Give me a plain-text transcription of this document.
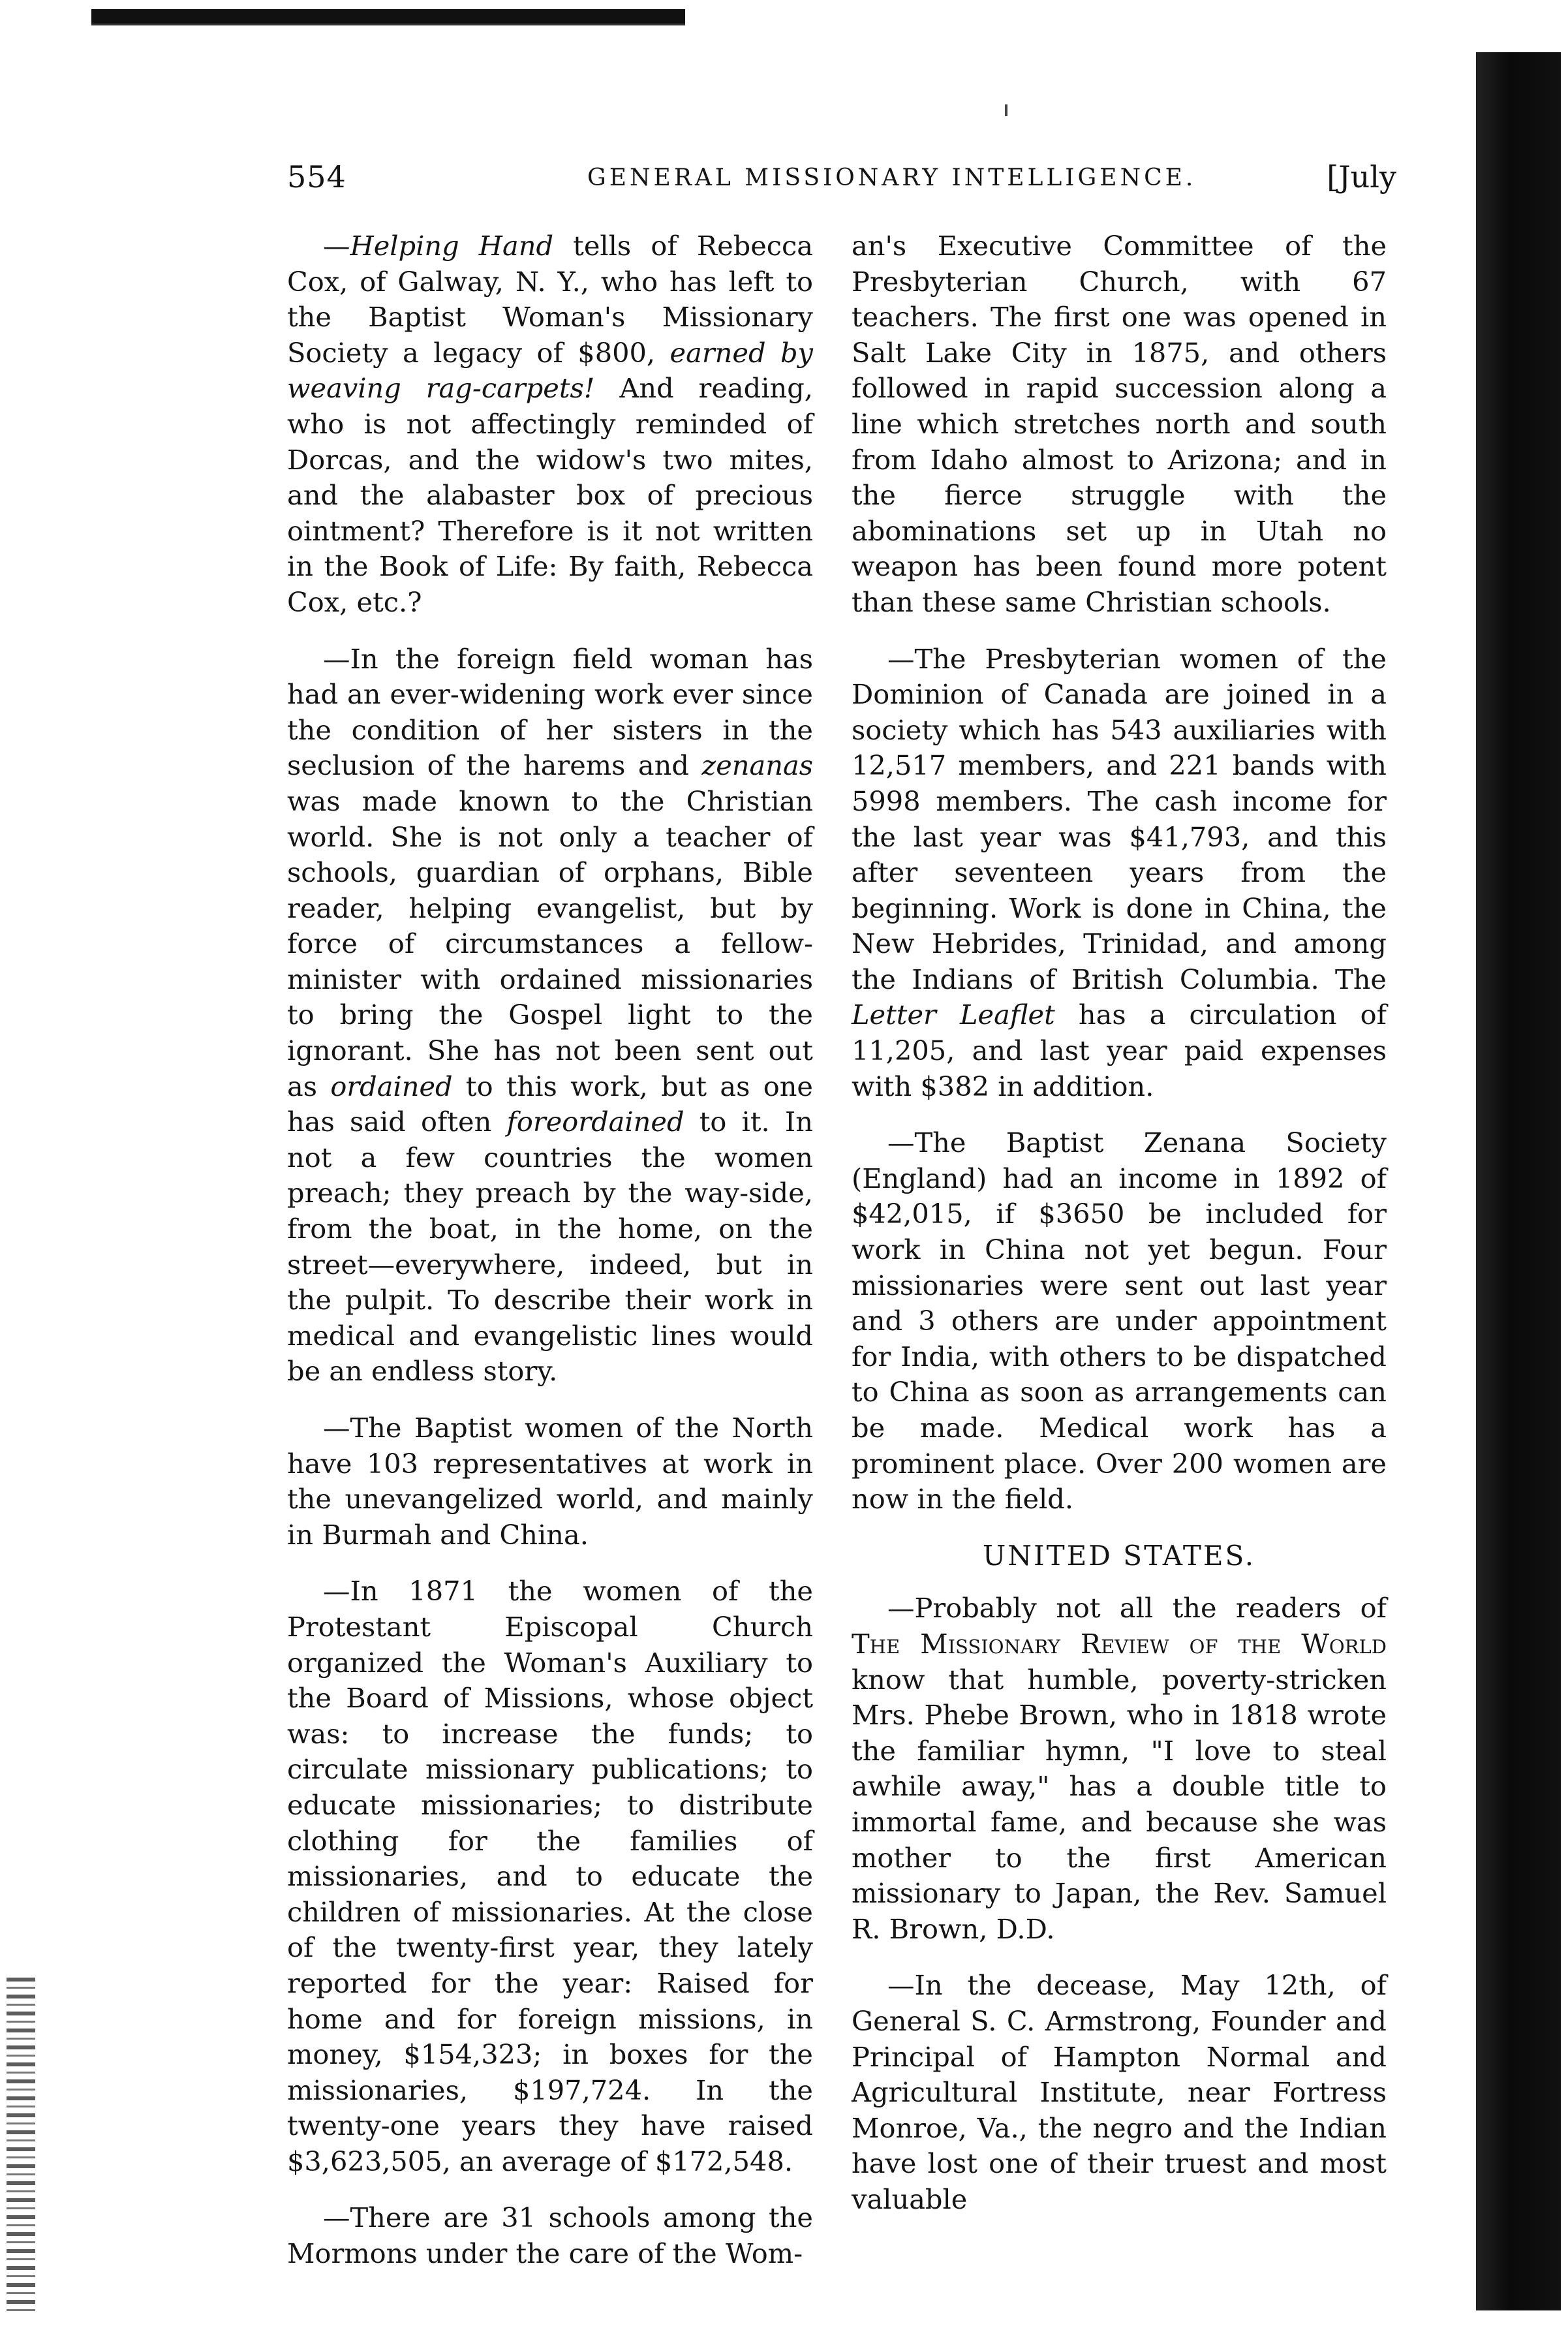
554	GENERAL MISSIONARY INTELLIGENCE.	[July

—Helping Hand tells of Rebecca Cox, of Galway, N. Y., who has left to the Baptist Woman's Missionary Society a legacy of $800, earned by weaving rag-carpets! And reading, who is not affectingly reminded of Dorcas, and the widow's two mites, and the alabaster box of precious ointment? Therefore is it not written in the Book of Life: By faith, Rebecca Cox, etc.?

—In the foreign field woman has had an ever-widening work ever since the condition of her sisters in the seclusion of the harems and zenanas was made known to the Christian world. She is not only a teacher of schools, guardian of orphans, Bible reader, helping evangelist, but by force of circumstances a fellow-minister with ordained missionaries to bring the Gospel light to the ignorant. She has not been sent out as ordained to this work, but as one has said often foreordained to it. In not a few countries the women preach; they preach by the way-side, from the boat, in the home, on the street—everywhere, indeed, but in the pulpit. To describe their work in medical and evangelistic lines would be an endless story.

—The Baptist women of the North have 103 representatives at work in the unevangelized world, and mainly in Burmah and China.

—In 1871 the women of the Protestant Episcopal Church organized the Woman's Auxiliary to the Board of Missions, whose object was: to increase the funds; to circulate missionary publications; to educate missionaries; to distribute clothing for the families of missionaries, and to educate the children of missionaries. At the close of the twenty-first year, they lately reported for the year: Raised for home and for foreign missions, in money, $154,323; in boxes for the missionaries, $197,724. In the twenty-one years they have raised $3,623,505, an average of $172,548.

—There are 31 schools among the Mormons under the care of the Wom-

an's Executive Committee of the Presbyterian Church, with 67 teachers. The first one was opened in Salt Lake City in 1875, and others followed in rapid succession along a line which stretches north and south from Idaho almost to Arizona; and in the fierce struggle with the abominations set up in Utah no weapon has been found more potent than these same Christian schools.

—The Presbyterian women of the Dominion of Canada are joined in a society which has 543 auxiliaries with 12,517 members, and 221 bands with 5998 members. The cash income for the last year was $41,793, and this after seventeen years from the beginning. Work is done in China, the New Hebrides, Trinidad, and among the Indians of British Columbia. The Letter Leaflet has a circulation of 11,205, and last year paid expenses with $382 in addition.

—The Baptist Zenana Society (England) had an income in 1892 of $42,015, if $3650 be included for work in China not yet begun. Four missionaries were sent out last year and 3 others are under appointment for India, with others to be dispatched to China as soon as arrangements can be made. Medical work has a prominent place. Over 200 women are now in the field.

UNITED STATES.

—Probably not all the readers of The Missionary Review of the World know that humble, poverty-stricken Mrs. Phebe Brown, who in 1818 wrote the familiar hymn, "I love to steal awhile away," has a double title to immortal fame, and because she was mother to the first American missionary to Japan, the Rev. Samuel R. Brown, D.D.

—In the decease, May 12th, of General S. C. Armstrong, Founder and Principal of Hampton Normal and Agricultural Institute, near Fortress Monroe, Va., the negro and the Indian have lost one of their truest and most valuable
